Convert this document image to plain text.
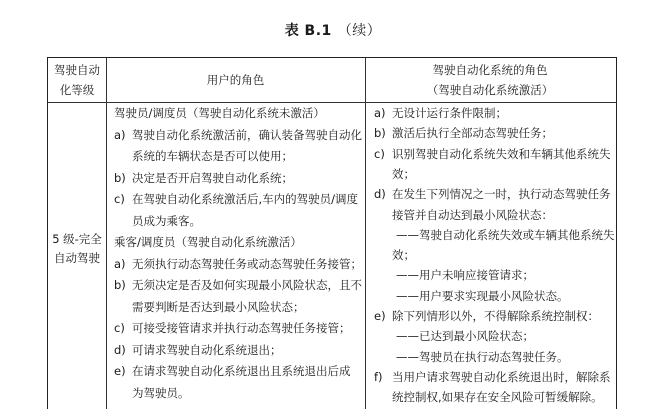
表 B.1 （续）
驾驶自动
化等级
用户的角色
驾驶自动化系统的角色
（驾驶自动化系统激活）
5 级-完全
自动驾驶
驾驶员/调度员（驾驶自动化系统未激活）
a) 驾驶自动化系统激活前，确认装备驾驶自动化
系统的车辆状态是否可以使用；
b) 决定是否开启驾驶自动化系统；
c) 在驾驶自动化系统激活后,车内的驾驶员/调度
员成为乘客。
乘客/调度员（驾驶自动化系统激活）
a) 无须执行动态驾驶任务或动态驾驶任务接管；
b) 无须决定是否及如何实现最小风险状态，且不
需要判断是否达到最小风险状态；
c) 可接受接管请求并执行动态驾驶任务接管；
d) 可请求驾驶自动化系统退出；
e) 在请求驾驶自动化系统退出且系统退出后成
为驾驶员。
a) 无设计运行条件限制；
b) 激活后执行全部动态驾驶任务；
c) 识别驾驶自动化系统失效和车辆其他系统失
效；
d) 在发生下列情况之一时，执行动态驾驶任务
接管并自动达到最小风险状态：
——驾驶自动化系统失效或车辆其他系统失
效；
——用户未响应接管请求；
——用户要求实现最小风险状态。
e) 除下列情形以外，不得解除系统控制权：
——已达到最小风险状态；
——驾驶员在执行动态驾驶任务。
f) 当用户请求驾驶自动化系统退出时，解除系
统控制权,如果存在安全风险可暂缓解除。
